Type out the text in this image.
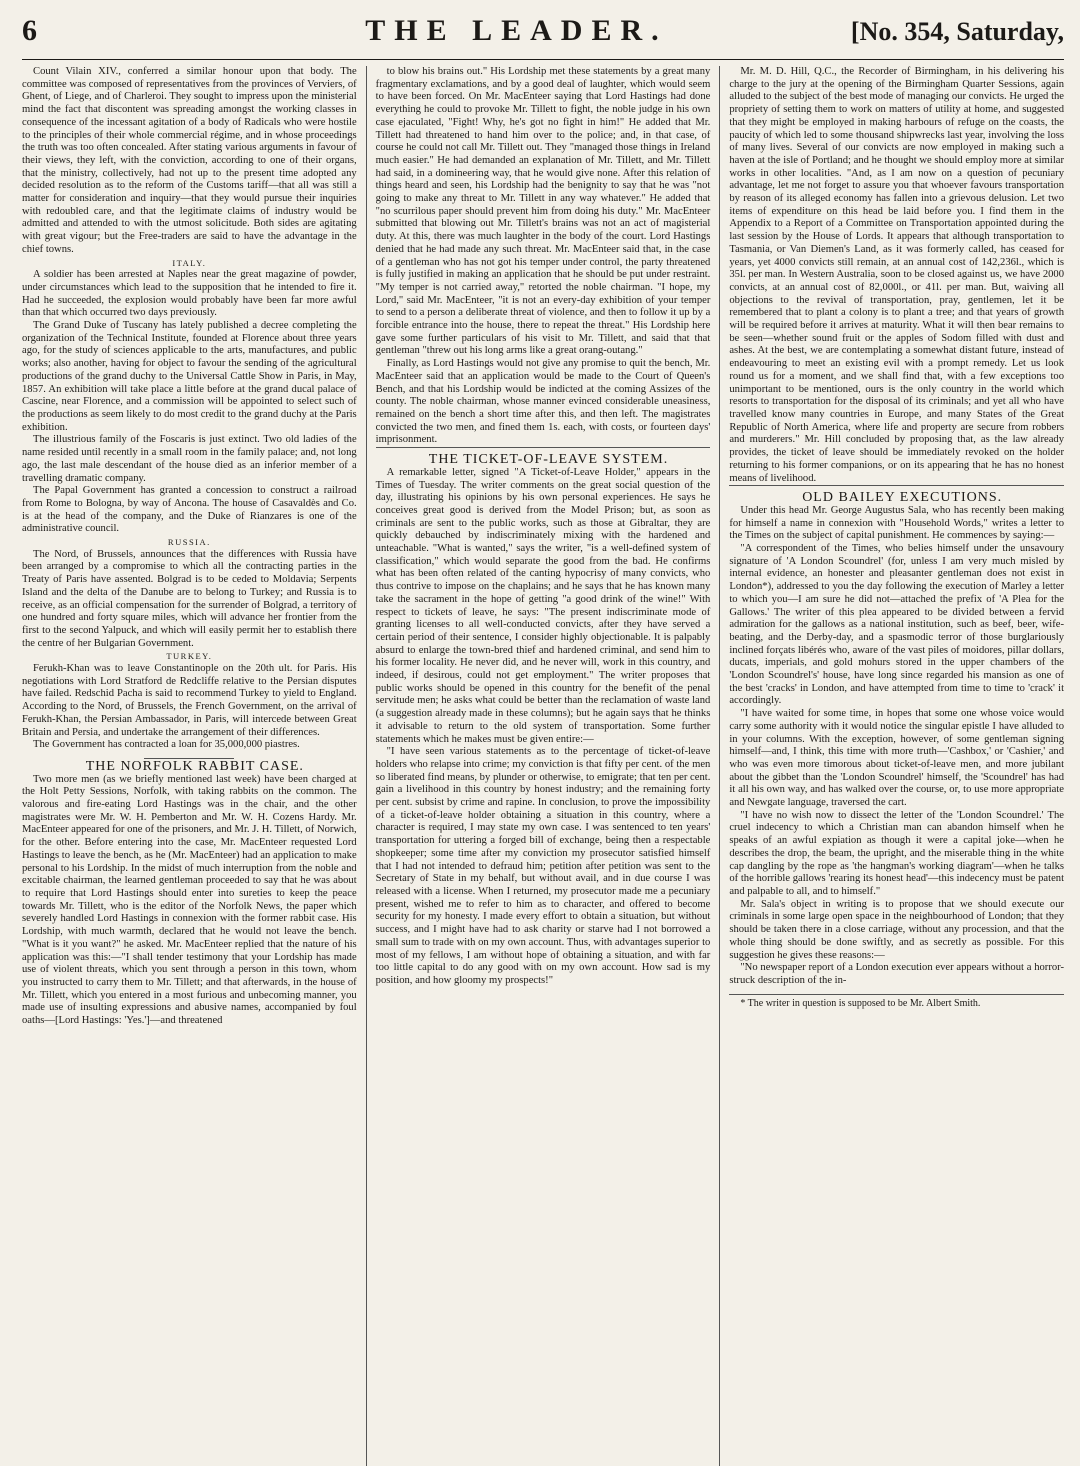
6	THE LEADER.	[No. 354, Saturday,

Count Vilain XIV., conferred a similar honour upon that body. The committee was composed of representatives from the provinces of Verviers, of Ghent, of Liege, and of Charleroi. They sought to impress upon the ministerial mind the fact that discontent was spreading amongst the working classes in consequence of the incessant agitation of a body of Radicals who were hostile to the principles of their whole commercial régime, and in whose proceedings the truth was too often concealed. After stating various arguments in favour of their views, they left, with the conviction, according to one of their organs, that the ministry, collectively, had not up to the present time adopted any decided resolution as to the reform of the Customs tariff—that all was still a matter for consideration and inquiry—that they would pursue their inquiries with redoubled care, and that the legitimate claims of industry would be admitted and attended to with the utmost solicitude. Both sides are agitating with great vigour; but the Free-traders are said to have the advantage in the chief towns.

ITALY.

A soldier has been arrested at Naples near the great magazine of powder, under circumstances which lead to the supposition that he intended to fire it. Had he succeeded, the explosion would probably have been far more awful than that which occurred two days previously.

The Grand Duke of Tuscany has lately published a decree completing the organization of the Technical Institute, founded at Florence about three years ago, for the study of sciences applicable to the arts, manufactures, and public works; also another, having for object to favour the sending of the agricultural productions of the grand duchy to the Universal Cattle Show in Paris, in May, 1857. An exhibition will take place a little before at the grand ducal palace of Cascine, near Florence, and a commission will be appointed to select such of the productions as seem likely to do most credit to the grand duchy at the Paris exhibition.

The illustrious family of the Foscaris is just extinct. Two old ladies of the name resided until recently in a small room in the family palace; and, not long ago, the last male descendant of the house died as an inferior member of a travelling dramatic company.

The Papal Government has granted a concession to construct a railroad from Rome to Bologna, by way of Ancona. The house of Casavaldès and Co. is at the head of the company, and the Duke of Rianzares is one of the administrative council.

RUSSIA.

The Nord, of Brussels, announces that the differences with Russia have been arranged by a compromise to which all the contracting parties in the Treaty of Paris have assented. Bolgrad is to be ceded to Moldavia; Serpents Island and the delta of the Danube are to belong to Turkey; and Russia is to receive, as an official compensation for the surrender of Bolgrad, a territory of one hundred and forty square miles, which will advance her frontier from the first to the second Yalpuck, and which will easily permit her to establish there the centre of her Bulgarian Government.

TURKEY.

Ferukh-Khan was to leave Constantinople on the 20th ult. for Paris. His negotiations with Lord Stratford de Redcliffe relative to the Persian disputes have failed. Redschid Pacha is said to recommend Turkey to yield to England. According to the Nord, of Brussels, the French Government, on the arrival of Ferukh-Khan, the Persian Ambassador, in Paris, will intercede between Great Britain and Persia, and undertake the arrangement of their differences.

The Government has contracted a loan for 35,000,000 piastres.

THE NORFOLK RABBIT CASE.

Two more men (as we briefly mentioned last week) have been charged at the Holt Petty Sessions, Norfolk, with taking rabbits on the common. The valorous and fire-eating Lord Hastings was in the chair, and the other magistrates were Mr. W. H. Pemberton and Mr. W. H. Cozens Hardy. Mr. MacEnteer appeared for one of the prisoners, and Mr. J. H. Tillett, of Norwich, for the other. Before entering into the case, Mr. MacEnteer requested Lord Hastings to leave the bench, as he (Mr. MacEnteer) had an application to make personal to his Lordship. In the midst of much interruption from the noble and excitable chairman, the learned gentleman proceeded to say that he was about to require that Lord Hastings should enter into sureties to keep the peace towards Mr. Tillett, who is the editor of the Norfolk News, the paper which severely handled Lord Hastings in connexion with the former rabbit case. His Lordship, with much warmth, declared that he would not leave the bench. "What is it you want?" he asked. Mr. MacEnteer replied that the nature of his application was this:—"I shall tender testimony that your Lordship has made use of violent threats, which you sent through a person in this town, whom you instructed to carry them to Mr. Tillett; and that afterwards, in the house of Mr. Tillett, which you entered in a most furious and unbecoming manner, you made use of insulting expressions and abusive names, accompanied by foul oaths—[Lord Hastings: 'Yes.']—and threatened

to blow his brains out." His Lordship met these statements by a great many fragmentary exclamations, and by a good deal of laughter, which would seem to have been forced. On Mr. MacEnteer saying that Lord Hastings had done everything he could to provoke Mr. Tillett to fight, the noble judge in his own case ejaculated, "Fight! Why, he's got no fight in him!" He added that Mr. Tillett had threatened to hand him over to the police; and, in that case, of course he could not call Mr. Tillett out. They "managed those things in Ireland much easier." He had demanded an explanation of Mr. Tillett, and Mr. Tillett had said, in a domineering way, that he would give none. After this relation of things heard and seen, his Lordship had the benignity to say that he was "not going to make any threat to Mr. Tillett in any way whatever." He added that "no scurrilous paper should prevent him from doing his duty." Mr. MacEnteer submitted that blowing out Mr. Tillett's brains was not an act of magisterial duty. At this, there was much laughter in the body of the court. Lord Hastings denied that he had made any such threat. Mr. MacEnteer said that, in the case of a gentleman who has not got his temper under control, the party threatened is fully justified in making an application that he should be put under restraint. "My temper is not carried away," retorted the noble chairman. "I hope, my Lord," said Mr. MacEnteer, "it is not an every-day exhibition of your temper to send to a person a deliberate threat of violence, and then to follow it up by a forcible entrance into the house, there to repeat the threat." His Lordship here gave some further particulars of his visit to Mr. Tillett, and said that that gentleman "threw out his long arms like a great orang-outang."

Finally, as Lord Hastings would not give any promise to quit the bench, Mr. MacEnteer said that an application would be made to the Court of Queen's Bench, and that his Lordship would be indicted at the coming Assizes of the county. The noble chairman, whose manner evinced considerable uneasiness, remained on the bench a short time after this, and then left. The magistrates convicted the two men, and fined them 1s. each, with costs, or fourteen days' imprisonment.

THE TICKET-OF-LEAVE SYSTEM.

A remarkable letter, signed "A Ticket-of-Leave Holder," appears in the Times of Tuesday. The writer comments on the great social question of the day, illustrating his opinions by his own personal experiences. He says he conceives great good is derived from the Model Prison; but, as soon as criminals are sent to the public works, such as those at Gibraltar, they are quickly debauched by indiscriminately mixing with the hardened and unteachable. "What is wanted," says the writer, "is a well-defined system of classification," which would separate the good from the bad. He confirms what has been often related of the canting hypocrisy of many convicts, who thus contrive to impose on the chaplains; and he says that he has known many take the sacrament in the hope of getting "a good drink of the wine!" With respect to tickets of leave, he says: "The present indiscriminate mode of granting licenses to all well-conducted convicts, after they have served a certain period of their sentence, I consider highly objectionable. It is palpably absurd to enlarge the town-bred thief and hardened criminal, and send him to his former locality. He never did, and he never will, work in this country, and indeed, if desirous, could not get employment." The writer proposes that public works should be opened in this country for the benefit of the penal servitude men; he asks what could be better than the reclamation of waste land (a suggestion already made in these columns); but he again says that he thinks it advisable to return to the old system of transportation. Some further statements which he makes must be given entire:—

"I have seen various statements as to the percentage of ticket-of-leave holders who relapse into crime; my conviction is that fifty per cent. of the men so liberated find means, by plunder or otherwise, to emigrate; that ten per cent. gain a livelihood in this country by honest industry; and the remaining forty per cent. subsist by crime and rapine. In conclusion, to prove the impossibility of a ticket-of-leave holder obtaining a situation in this country, where a character is required, I may state my own case. I was sentenced to ten years' transportation for uttering a forged bill of exchange, being then a respectable shopkeeper; some time after my conviction my prosecutor satisfied himself that I had not intended to defraud him; petition after petition was sent to the Secretary of State in my behalf, but without avail, and in due course I was released with a license. When I returned, my prosecutor made me a pecuniary present, wished me to refer to him as to character, and offered to become security for my honesty. I made every effort to obtain a situation, but without success, and I might have had to ask charity or starve had I not borrowed a small sum to trade with on my own account. Thus, with advantages superior to most of my fellows, I am without hope of obtaining a situation, and with far too little capital to do any good with on my own account. How sad is my position, and how gloomy my prospects!"

Mr. M. D. Hill, Q.C., the Recorder of Birmingham, in his delivering his charge to the jury at the opening of the Birmingham Quarter Sessions, again alluded to the subject of the best mode of managing our convicts. He urged the propriety of setting them to work on matters of utility at home, and suggested that they might be employed in making harbours of refuge on the coasts, the paucity of which led to some thousand shipwrecks last year, involving the loss of many lives. Several of our convicts are now employed in making such a haven at the isle of Portland; and he thought we should employ more at similar works in other localities. "And, as I am now on a question of pecuniary advantage, let me not forget to assure you that whoever favours transportation by reason of its alleged economy has fallen into a grievous delusion. Let two items of expenditure on this head be laid before you. I find them in the Appendix to a Report of a Committee on Transportation appointed during the last session by the House of Lords. It appears that although transportation to Tasmania, or Van Diemen's Land, as it was formerly called, has ceased for years, yet 4000 convicts still remain, at an annual cost of 142,236l., which is 35l. per man. In Western Australia, soon to be closed against us, we have 2000 convicts, at an annual cost of 82,000l., or 41l. per man. But, waiving all objections to the revival of transportation, pray, gentlemen, let it be remembered that to plant a colony is to plant a tree; and that years of growth will be required before it arrives at maturity. What it will then bear remains to be seen—whether sound fruit or the apples of Sodom filled with dust and ashes. At the best, we are contemplating a somewhat distant future, instead of endeavouring to meet an existing evil with a prompt remedy. Let us look round us for a moment, and we shall find that, with a few exceptions too unimportant to be mentioned, ours is the only country in the world which resorts to transportation for the disposal of its criminals; and yet all who have travelled know many countries in Europe, and many States of the Great Republic of North America, where life and property are secure from robbers and murderers." Mr. Hill concluded by proposing that, as the law already provides, the ticket of leave should be immediately revoked on the holder returning to his former companions, or on its appearing that he has no honest means of livelihood.

OLD BAILEY EXECUTIONS.

Under this head Mr. George Augustus Sala, who has recently been making for himself a name in connexion with "Household Words," writes a letter to the Times on the subject of capital punishment. He commences by saying:—

"A correspondent of the Times, who belies himself under the unsavoury signature of 'A London Scoundrel' (for, unless I am very much misled by internal evidence, an honester and pleasanter gentleman does not exist in London*), addressed to you the day following the execution of Marley a letter to which you—I am sure he did not—attached the prefix of 'A Plea for the Gallows.' The writer of this plea appeared to be divided between a fervid admiration for the gallows as a national institution, such as beef, beer, wife-beating, and the Derby-day, and a spasmodic terror of those burglariously inclined forçats libérés who, aware of the vast piles of moidores, pillar dollars, ducats, imperials, and gold mohurs stored in the upper chambers of the 'London Scoundrel's' house, have long since regarded his mansion as one of the best 'cracks' in London, and have attempted from time to time to 'crack' it accordingly.

"I have waited for some time, in hopes that some one whose voice would carry some authority with it would notice the singular epistle I have alluded to in your columns. With the exception, however, of some gentleman signing himself—and, I think, this time with more truth—'Cashbox,' or 'Cashier,' and who was even more timorous about ticket-of-leave men, and more jubilant about the gibbet than the 'London Scoundrel' himself, the 'Scoundrel' has had it all his own way, and has walked over the course, or, to use more appropriate and Newgate language, traversed the cart.

"I have no wish now to dissect the letter of the 'London Scoundrel.' The cruel indecency to which a Christian man can abandon himself when he speaks of an awful expiation as though it were a capital joke—when he describes the drop, the beam, the upright, and the miserable thing in the white cap dangling by the rope as 'the hangman's working diagram'—when he talks of the horrible gallows 'rearing its honest head'—this indecency must be patent and palpable to all, and to himself."

Mr. Sala's object in writing is to propose that we should execute our criminals in some large open space in the neighbourhood of London; that they should be taken there in a close carriage, without any procession, and that the whole thing should be done swiftly, and as secretly as possible. For this suggestion he gives these reasons:—

"No newspaper report of a London execution ever appears without a horror-struck description of the in-

* The writer in question is supposed to be Mr. Albert Smith.
